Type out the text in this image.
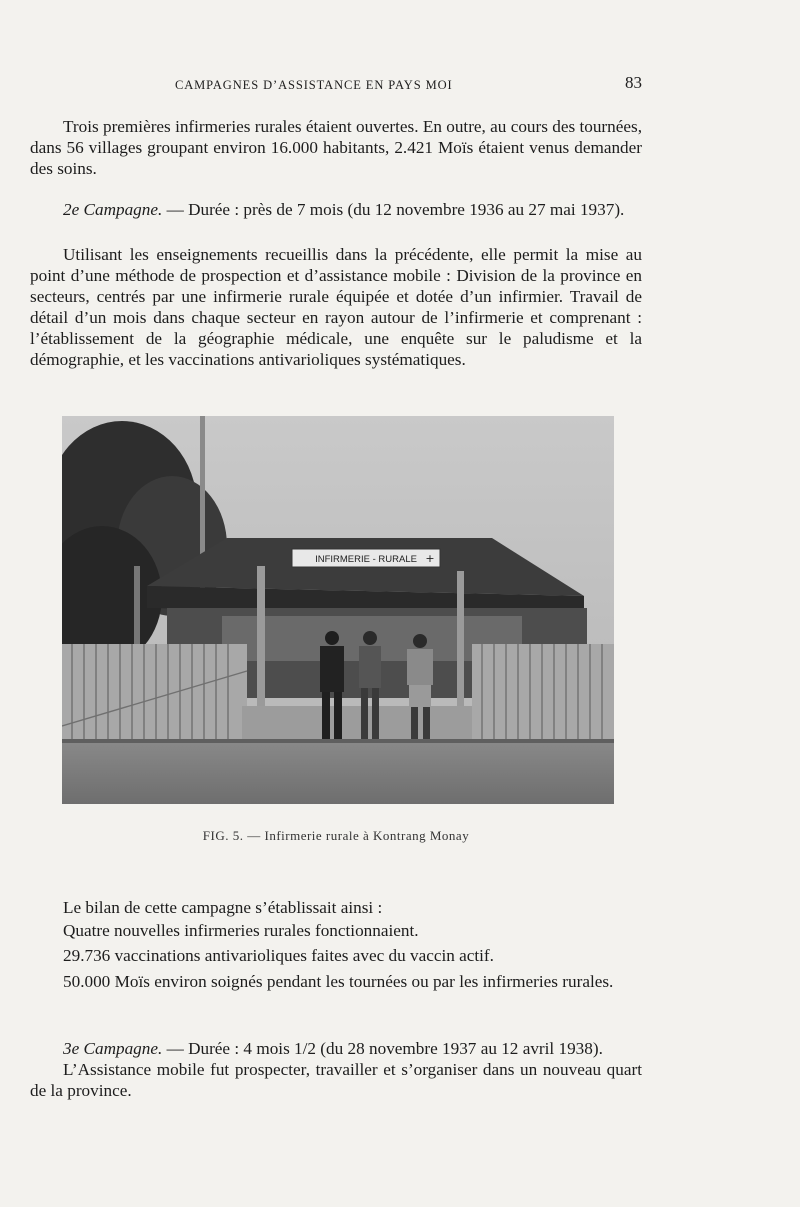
CAMPAGNES D’ASSISTANCE EN PAYS MOI	83

Trois premières infirmeries rurales étaient ouvertes. En outre, au cours des tournées, dans 56 villages groupant environ 16.000 habitants, 2.421 Moïs étaient venus demander des soins.

2e Campagne. — Durée : près de 7 mois (du 12 novembre 1936 au 27 mai 1937).

Utilisant les enseignements recueillis dans la précédente, elle permit la mise au point d’une méthode de prospection et d’assistance mobile : Division de la province en secteurs, centrés par une infirmerie rurale équipée et dotée d’un infirmier. Travail de détail d’un mois dans chaque secteur en rayon autour de l’infirmerie et comprenant : l’établissement de la géographie médicale, une enquête sur le paludisme et la démographie, et les vaccinations antivarioliques systématiques.

INFIRMERIE - RURALE +
FIG. 5. — Infirmerie rurale à Kontrang Monay

Le bilan de cette campagne s’établissait ainsi :

Quatre nouvelles infirmeries rurales fonctionnaient.

29.736 vaccinations antivarioliques faites avec du vaccin actif.

50.000 Moïs environ soignés pendant les tournées ou par les infirmeries rurales.

3e Campagne. — Durée : 4 mois 1/2 (du 28 novembre 1937 au 12 avril 1938).

L’Assistance mobile fut prospecter, travailler et s’organiser dans un nouveau quart de la province.
